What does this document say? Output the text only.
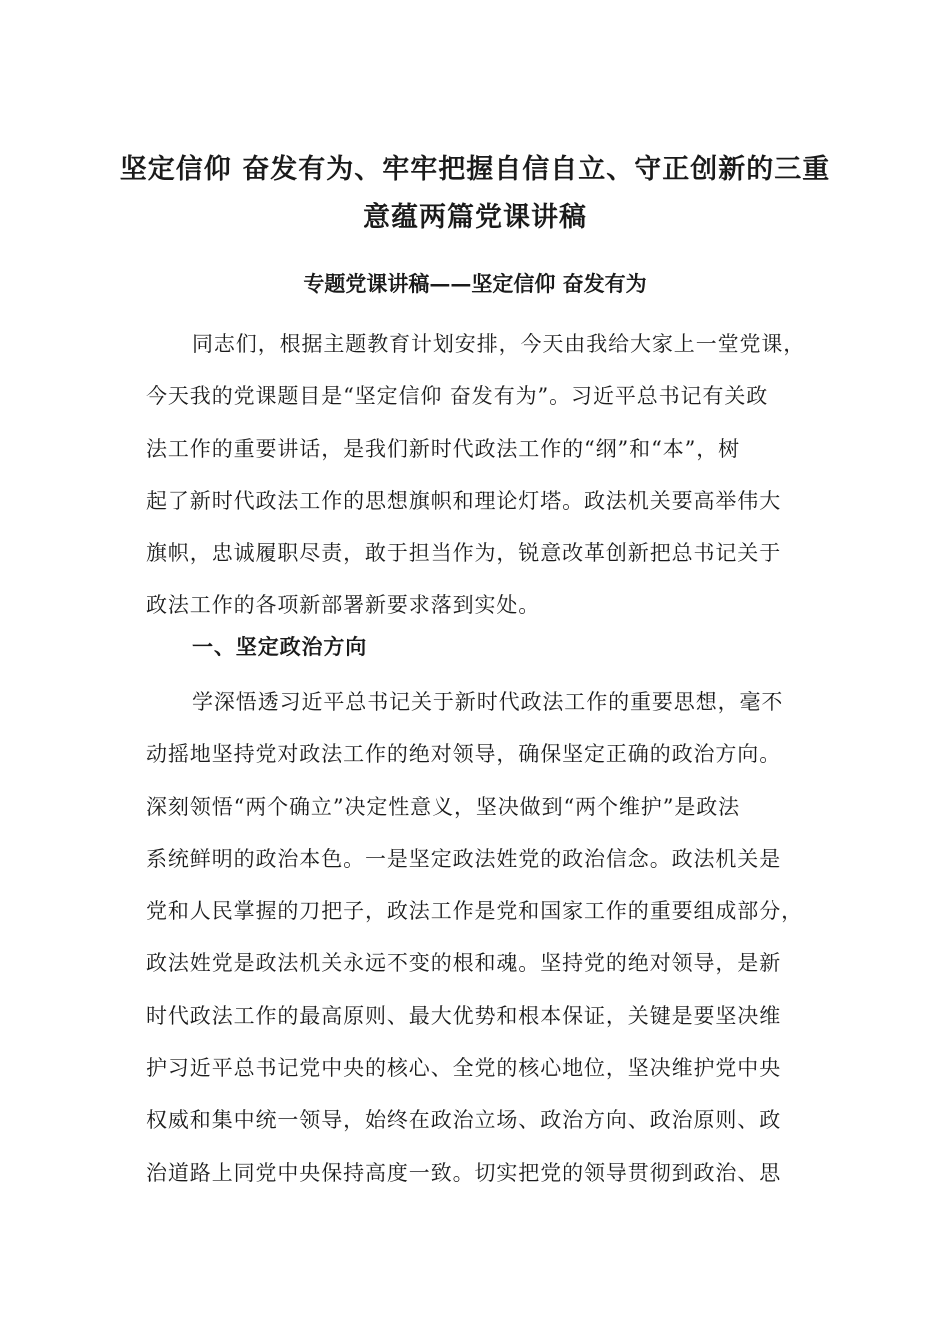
坚定信仰 奋发有为、牢牢把握自信自立、守正创新的三重
意蕴两篇党课讲稿
专题党课讲稿——坚定信仰 奋发有为
同志们，根据主题教育计划安排，今天由我给大家上一堂党课，
今天我的党课题目是“坚定信仰 奋发有为”。习近平总书记有关政
法工作的重要讲话，是我们新时代政法工作的“纲”和“本”，树
起了新时代政法工作的思想旗帜和理论灯塔。政法机关要高举伟大
旗帜，忠诚履职尽责，敢于担当作为，锐意改革创新把总书记关于
政法工作的各项新部署新要求落到实处。
一、坚定政治方向
学深悟透习近平总书记关于新时代政法工作的重要思想，毫不
动摇地坚持党对政法工作的绝对领导，确保坚定正确的政治方向。
深刻领悟“两个确立”决定性意义，坚决做到“两个维护”是政法
系统鲜明的政治本色。一是坚定政法姓党的政治信念。政法机关是
党和人民掌握的刀把子，政法工作是党和国家工作的重要组成部分，
政法姓党是政法机关永远不变的根和魂。坚持党的绝对领导，是新
时代政法工作的最高原则、最大优势和根本保证，关键是要坚决维
护习近平总书记党中央的核心、全党的核心地位，坚决维护党中央
权威和集中统一领导，始终在政治立场、政治方向、政治原则、政
治道路上同党中央保持高度一致。切实把党的领导贯彻到政治、思
